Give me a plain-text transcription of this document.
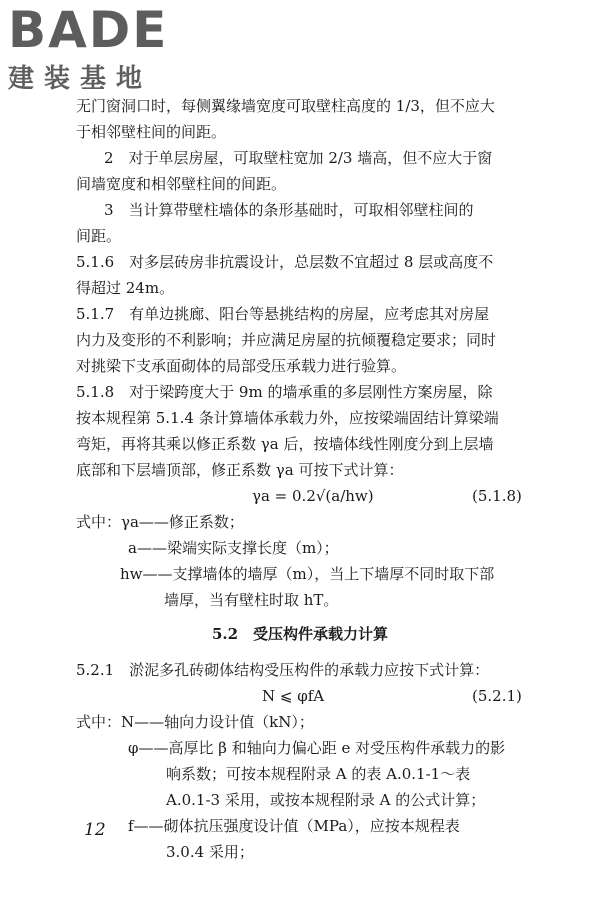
BADE
建装基地
无门窗洞口时，每侧翼缘墙宽度可取壁柱高度的 1/3，但不应大
于相邻壁柱间的间距。
2　对于单层房屋，可取壁柱宽加 2/3 墙高，但不应大于窗
间墙宽度和相邻壁柱间的间距。
3　当计算带壁柱墙体的条形基础时，可取相邻壁柱间的
间距。
5.1.6　对多层砖房非抗震设计，总层数不宜超过 8 层或高度不
得超过 24m。
5.1.7　有单边挑廊、阳台等悬挑结构的房屋，应考虑其对房屋
内力及变形的不利影响；并应满足房屋的抗倾覆稳定要求；同时
对挑梁下支承面砌体的局部受压承载力进行验算。
5.1.8　对于梁跨度大于 9m 的墙承重的多层刚性方案房屋，除
按本规程第 5.1.4 条计算墙体承载力外，应按梁端固结计算梁端
弯矩，再将其乘以修正系数 γa 后，按墙体线性刚度分到上层墙
底部和下层墙顶部，修正系数 γa 可按下式计算：
γa = 0.2√(a/hw)	(5.1.8)
式中：γa——修正系数；
a——梁端实际支撑长度（m）；
hw——支撑墙体的墙厚（m），当上下墙厚不同时取下部
墙厚，当有壁柱时取 hT。
5.2　受压构件承载力计算
5.2.1　淤泥多孔砖砌体结构受压构件的承载力应按下式计算：
N ⩽ φfA	(5.2.1)
式中：N——轴向力设计值（kN）；
φ——高厚比 β 和轴向力偏心距 e 对受压构件承载力的影
响系数；可按本规程附录 A 的表 A.0.1-1～表
A.0.1-3 采用，或按本规程附录 A 的公式计算；
f——砌体抗压强度设计值（MPa），应按本规程表
3.0.4 采用；
12
